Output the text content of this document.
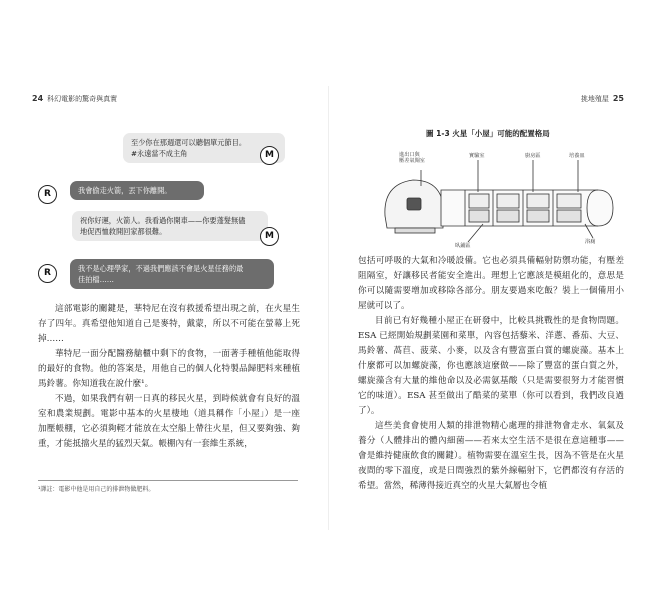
24 科幻電影的驚奇與真實
至少你在那週還可以聽個單元節目。
#永遠當不成主角	M
R	我會偷走火箭，丟下你離開。
祝你好運，火箭人。我看過你開車——你要蓬髮無儘
地促西恤救開回家都很難。	M
R	我不是心理學家，不過我們應該不會是火星任務的最
佳拍檔……

這部電影的關鍵是，華特尼在沒有救援希望出現之前，在火星生存了四年。真希望他知道自己是麥特，戴蒙，所以不可能在螢幕上死掉……

華特尼一面分配醫務艙櫃中剩下的食物，一面著手種植他能取得的最好的食物。他的答案是，用他自己的個人化特製品歸肥料來種植馬鈴薯。你知道我在說什麼¹。

不過，如果我們有朝一日真的移民火星，到時候就會有良好的溫室和農業規劃。電影中基本的火星棲地（道具稱作「小屋」）是一座加壓帳棚，它必須夠輕才能放在太空船上帶往火星，但又要夠強、夠重，才能抵擋火星的猛烈天氣。帳棚內有一套維生系統，

¹譯註：電影中他是用自己的排泄物做肥料。
挑地殖屋 25
圖 1-3 火星「小屋」可能的配置格局
進出口與
壓差氣閘室
實驗室	廚房區	培養皿
臥鋪區
浴廁

包括可呼吸的大氣和冷暖設備。它也必須具備輻射防禦功能，有壓差阻隔室，好讓移民者能安全進出。理想上它應該是模組化的，意思是你可以隨需要增加或移除各部分。朋友要過來吃飯？裝上一個備用小屋就可以了。

目前已有好幾種小屋正在研發中，比較具挑戰性的是食物問題。ESA 已經開始規劃菜園和菜單，內容包括藜米、洋蔥、番茄、大豆、馬鈴薯、萵苣、菠菜、小麥，以及含有豐富蛋白質的螺旋藻。基本上什麼都可以加螺旋藻，你也應該這麼做——除了豐富的蛋白質之外，螺旋藻含有大量的維他命以及必需氨基酸（只是需要很努力才能習慣它的味道）。ESA 甚至做出了酷菜的菜單（你可以看到，我們改良過了）。

這些美食會使用人類的排泄物精心處理的排泄物會走水、氧氣及養分（人體排出的體內細菌——若來太空生活不是很在意這種事——會是維持健康飲食的關鍵）。植物需要在溫室生長，因為不管是在火星夜間的零下溫度，或是日間強烈的紫外線輻射下，它們都沒有存活的希望。當然，稀薄得接近真空的火星大氣層也令植
